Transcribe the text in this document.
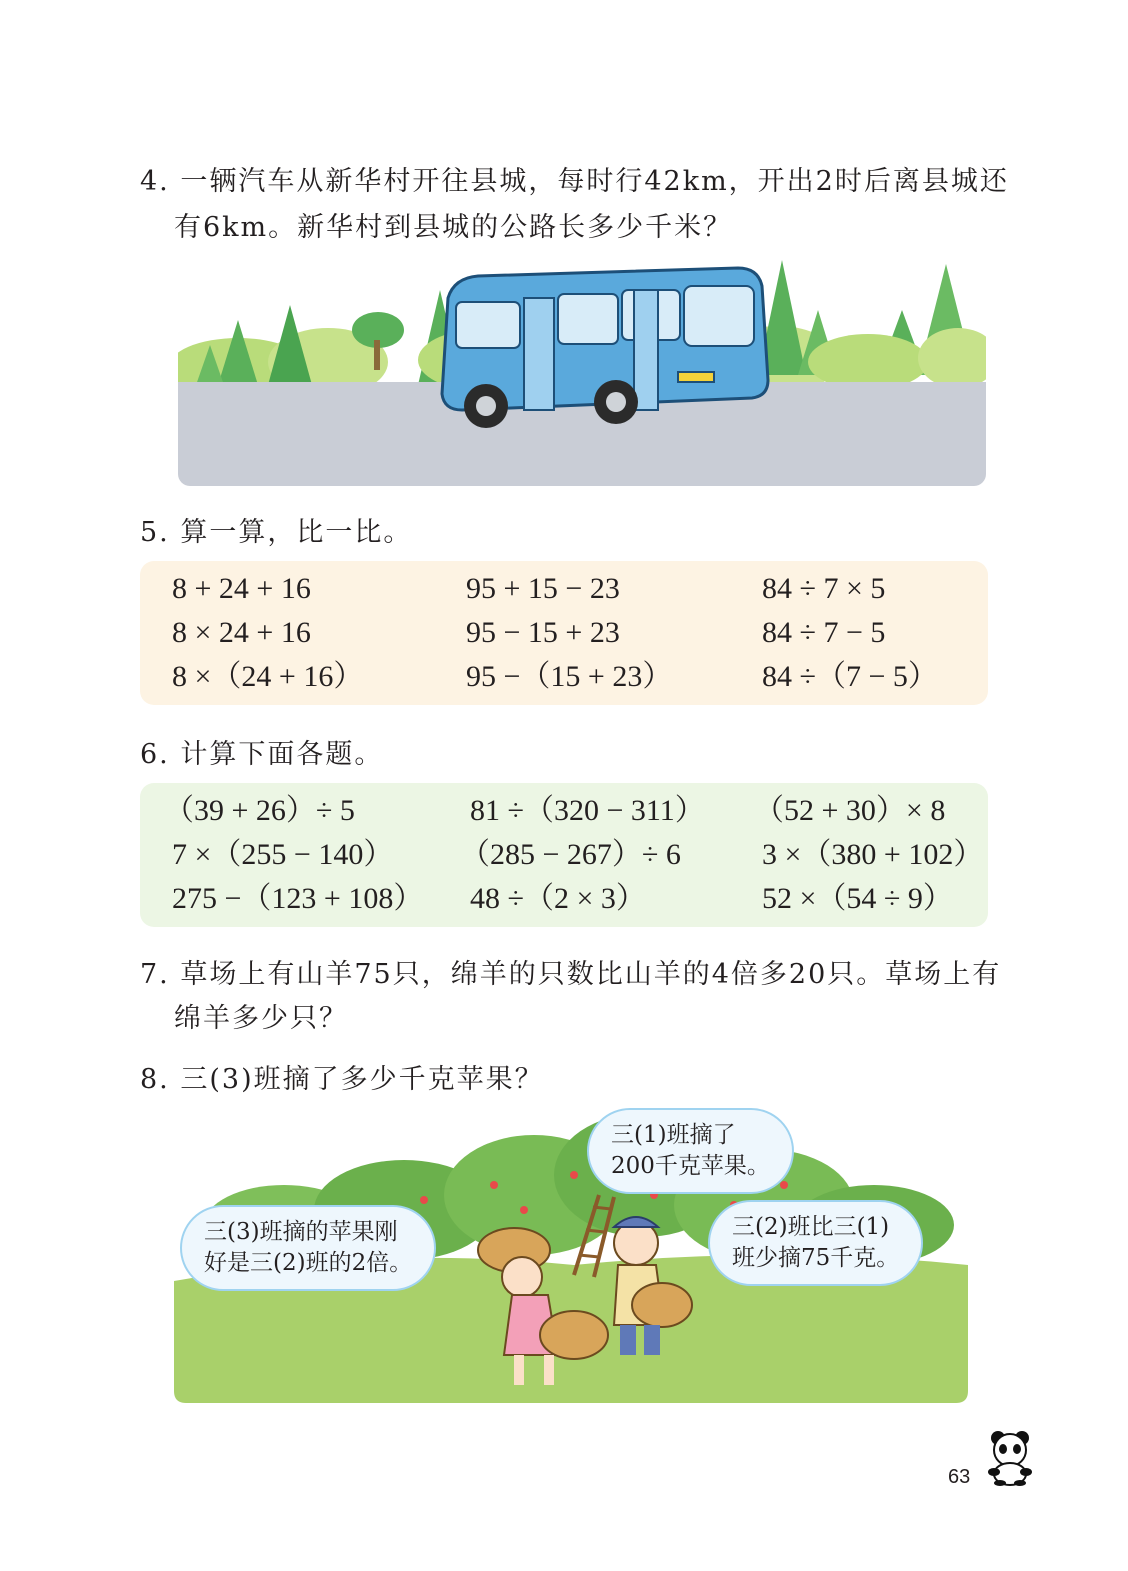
4. 一辆汽车从新华村开往县城，每时行42km，开出2时后离县城还
有6km。新华村到县城的公路长多少千米？
5. 算一算，比一比。
8 + 24 + 16
8 × 24 + 16
8 ×（24 + 16）
95 + 15 − 23
95 − 15 + 23
95 −（15 + 23）
84 ÷ 7 × 5
84 ÷ 7 − 5
84 ÷（7 − 5）
6. 计算下面各题。
（39 + 26）÷ 5
7 ×（255 − 140）
275 −（123 + 108）
81 ÷（320 − 311）
（285 − 267）÷ 6
48 ÷（2 × 3）
（52 + 30）× 8
3 ×（380 + 102）
52 ×（54 ÷ 9）
7. 草场上有山羊75只，绵羊的只数比山羊的4倍多20只。草场上有
绵羊多少只？
8. 三(3)班摘了多少千克苹果？
三(1)班摘了
200千克苹果。
三(3)班摘的苹果刚
好是三(2)班的2倍。
三(2)班比三(1)
班少摘75千克。
63
